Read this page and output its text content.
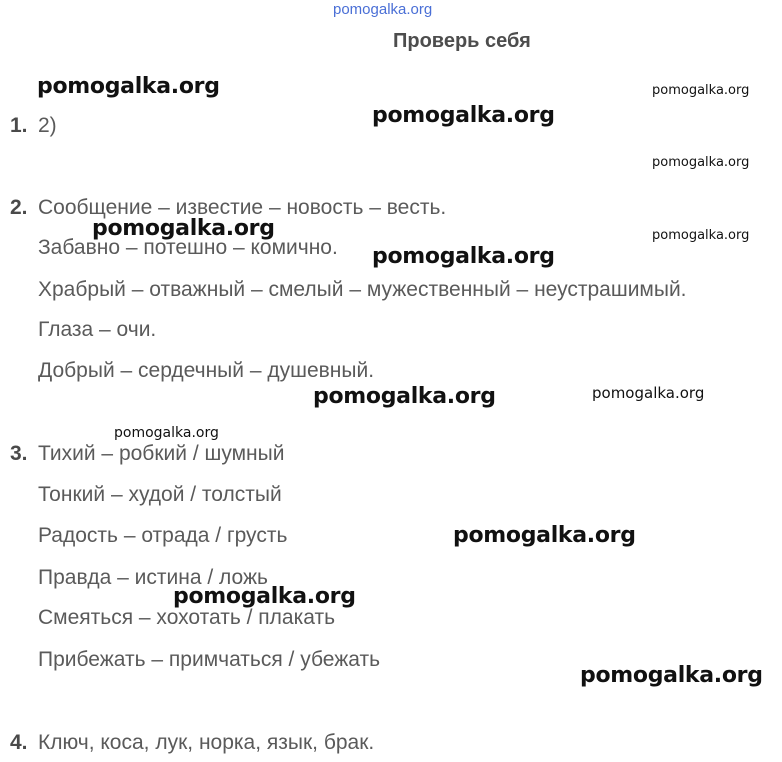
pomogalka.org
Проверь себя
1. 2)
2. Сообщение – известие – новость – весть.
Забавно – потешно – комично.
Храбрый – отважный – смелый – мужественный – неустрашимый.
Глаза – очи.
Добрый – сердечный – душевный.
3. Тихий – робкий / шумный
Тонкий – худой / толстый
Радость – отрада / грусть
Правда – истина / ложь
Смеяться – хохотать / плакать
Прибежать – примчаться / убежать
4. Ключ, коса, лук, норка, язык, брак.
pomogalka.org
pomogalka.org
pomogalka.org
pomogalka.org
pomogalka.org
pomogalka.org
pomogalka.org
pomogalka.org
pomogalka.org
pomogalka.org
pomogalka.org
pomogalka.org
pomogalka.org
